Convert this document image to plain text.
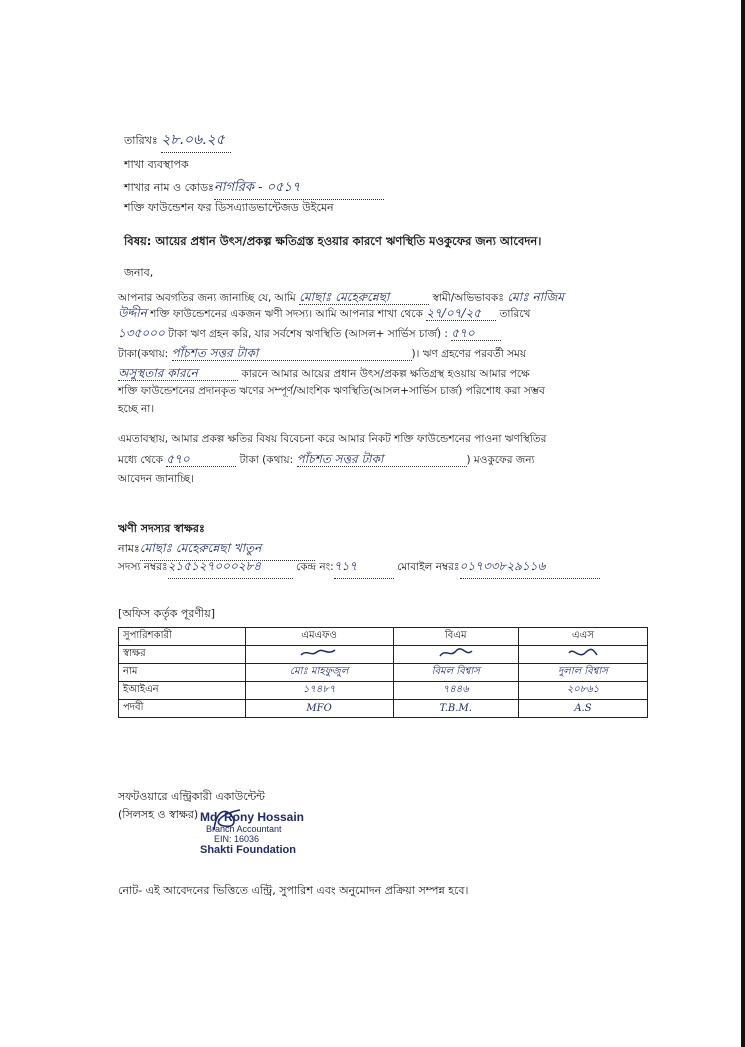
তারিখঃ ২৮.০৬.২৫
শাখা ব্যবস্থাপক
শাখার নাম ও কোডঃনাগরিক - ০৫১৭
শক্তি ফাউন্ডেশন ফর ডিসএ্যাডভান্টেজড উইমেন
বিষয়: আয়ের প্রধান উৎস/প্রকল্প ক্ষতিগ্রস্ত হওয়ার কারণে ঋণস্থিতি মওকুফের জন্য আবেদন।
জনাব,
আপনার অবগতির জন্য জানাচ্ছি যে, আমি মোছাঃ মেহেরুন্নেছা	স্বামী/অভিভাবকঃ মোঃ নাজিম
উদ্দীন শক্তি ফাউন্ডেশনের একজন ঋণী সদস্য। আমি আপনার শাখা থেকে ২৭/০৭/২৫ তারিখে
১৩৫০০০ টাকা ঋণ গ্রহন করি, যার সর্বশেষ ঋণস্থিতি (আসল+ সার্ভিস চার্জ) : ৫৭০
টাকা(কথায়: পাঁচশত সত্তর টাকা	)। ঋণ গ্রহণের পরবর্তী সময়
অসুস্থতার কারনে	কারনে আমার আয়ের প্রধান উৎস/প্রকল্প ক্ষতিগ্রস্থ হওয়ায় আমার পক্ষে
শক্তি ফাউন্ডেশনের প্রদানকৃত ঋণের সম্পূর্ণ/আংশিক ঋণস্থিতি(আসল+সার্ভিস চার্জ) পরিশোধ করা সম্ভব
হচ্ছে না।
এমতাবস্থায়, আমার প্রকল্প ক্ষতির বিষয় বিবেচনা করে আমার নিকট শক্তি ফাউন্ডেশনের পাওনা ঋণস্থিতির
মধ্যে থেকে ৫৭০	টাকা (কথায়: পাঁচশত সত্তর টাকা	) মওকুফের জন্য
আবেদন জানাচ্ছি।
ঋণী সদস্যর স্বাক্ষরঃ
নামঃমোছাঃ মেহেরুন্নেছা খাতুন
সদস্য নম্বরঃ২১৫১২৭০০০২৮৪	কেন্দ্র নং:৭১৭	মোবাইল নম্বরঃ০১৭৩৩৮২৯১১৬
[অফিস কর্তৃক পূরণীয়]
সুপারিশকারী	এমএফও	বিএম	এএস
স্বাক্ষর			
নাম	মোঃ মাহফুজুল	বিমল বিশ্বাস	দুলাল বিশ্বাস
ইআইএন	১৭৪৮৭	৭৪৪৬	২০৮৬১
পদবী	MFO	T.B.M.	A.S
সফটওয়ারে এন্ট্রিকারী একাউন্টেন্ট
(সিলসহ ও স্বাক্ষর) Md. Rony Hossain
Branch Accountant
EIN: 16036
Shakti Foundation
নোট- এই আবেদনের ভিত্তিতে এন্ট্রি, সুপারিশ এবং অনুমোদন প্রক্রিয়া সম্পন্ন হবে।
